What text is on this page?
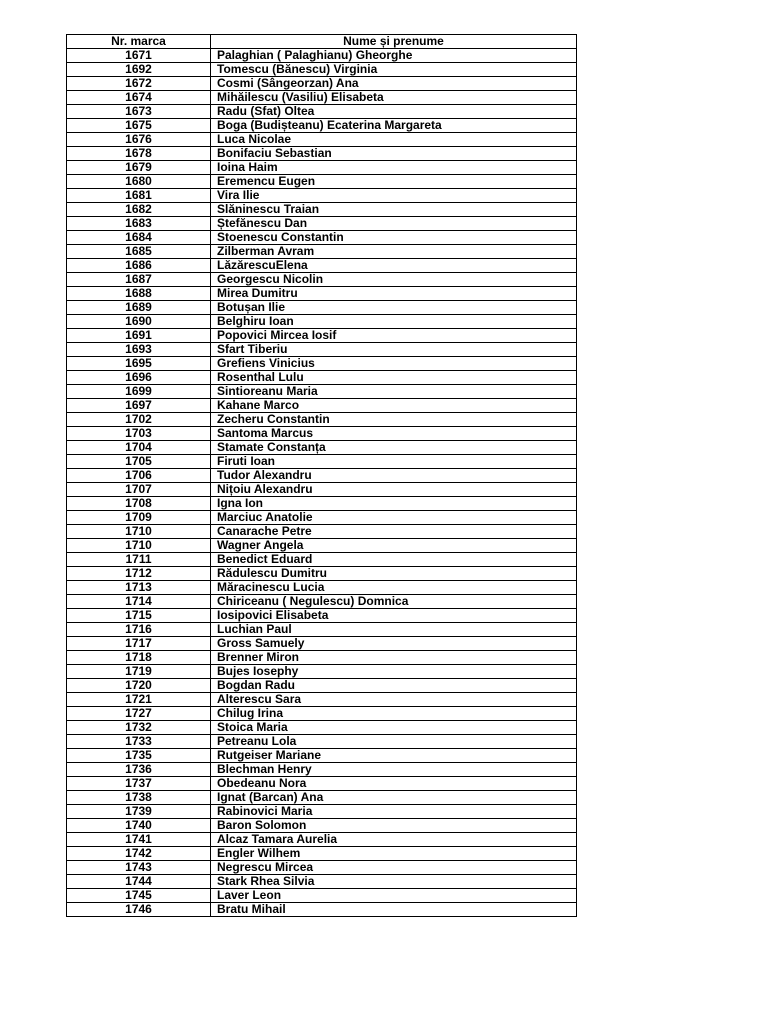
Nr. marca	Nume și prenume
1671	Palaghian ( Palaghianu) Gheorghe
1692	Tomescu (Bănescu) Virginia
1672	Cosmi (Sângeorzan) Ana
1674	Mihăilescu (Vasiliu) Elisabeta
1673	Radu (Sfat) Oltea
1675	Boga (Budișteanu) Ecaterina Margareta
1676	Luca Nicolae
1678	Bonifaciu Sebastian
1679	Ioina Haim
1680	Eremencu Eugen
1681	Vira Ilie
1682	Slăninescu Traian
1683	Ștefănescu Dan
1684	Stoenescu Constantin
1685	Zilberman Avram
1686	LăzărescuElena
1687	Georgescu Nicolin
1688	Mirea Dumitru
1689	Botușan Ilie
1690	Belghiru Ioan
1691	Popovici Mircea Iosif
1693	Sfart Tiberiu
1695	Grefiens Vinicius
1696	Rosenthal Lulu
1699	Sintioreanu Maria
1697	Kahane Marco
1702	Zecheru Constantin
1703	Santoma Marcus
1704	Stamate Constanța
1705	Firuti Ioan
1706	Tudor Alexandru
1707	Nițoiu Alexandru
1708	Igna Ion
1709	Marciuc Anatolie
1710	Canarache Petre
1710	Wagner Angela
1711	Benedict Eduard
1712	Rădulescu Dumitru
1713	Măracinescu Lucia
1714	Chiriceanu ( Negulescu) Domnica
1715	Iosipovici Elisabeta
1716	Luchian Paul
1717	Gross Samuely
1718	Brenner Miron
1719	Bujes Iosephy
1720	Bogdan Radu
1721	Alterescu Sara
1727	Chilug Irina
1732	Stoica Maria
1733	Petreanu Lola
1735	Rutgeiser Mariane
1736	Blechman Henry
1737	Obedeanu Nora
1738	Ignat (Barcan) Ana
1739	Rabinovici Maria
1740	Baron Solomon
1741	Alcaz Tamara Aurelia
1742	Engler Wilhem
1743	Negrescu Mircea
1744	Stark Rhea Silvia
1745	Laver Leon
1746	Bratu Mihail
